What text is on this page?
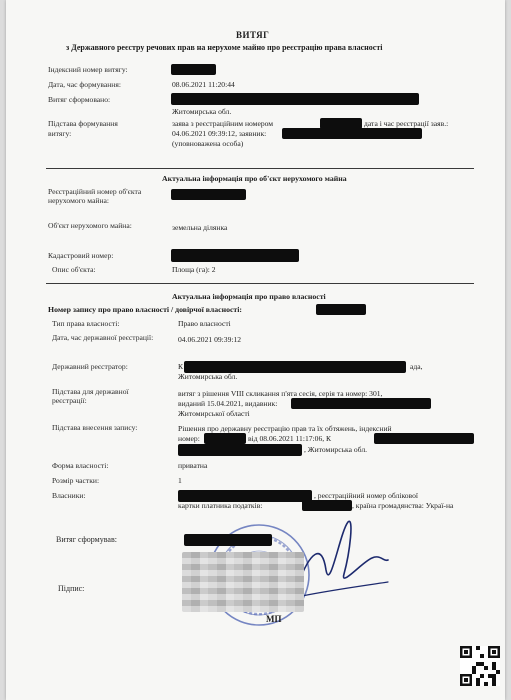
ВИТЯГ
з Державного реєстру речових прав на нерухоме майно про реєстрацію права власності
Індексний номер витягу:
Дата, час формування:	08.06.2021 11:20:44
Витяг сформовано:
Житомирська обл.
Підстава формування
витягу:
заява з реєстраційним номером	дата і час реєстрації заяв.:
04.06.2021 09:39:12, заявник:
(уповноважена особа)
Актуальна інформація про об'єкт нерухомого майна
Реєстраційний номер об'єкта нерухомого майна:
Об'єкт нерухомого майна:	земельна ділянка
Кадастровий номер:
Опис об'єкта:	Площа (га): 2
Актуальна інформація про право власності
Номер запису про право власності / довірчої власності:
Тип права власності:	Право власності
Дата, час державної реєстрації:	04.06.2021 09:39:12
Державний реєстратор:	К	ада,
Житомирська обл.
Підстава для державної реєстрації:
витяг з рішення VIII скликання п'ята сесія, серія та номер: 301,
виданий 15.04.2021, видавник:
Житомирської області
Підстава внесення запису:	Рішення про державну реєстрацію прав та їх обтяжень, індексний
номер:	від 08.06.2021 11:17:06, К
, Житомирська обл.
Форма власності:	приватна
Розмір частки:	1
Власники:	, реєстраційний номер облікової
картки платника податків:	, країна громадянства: Украї-на
Витяг сформував:
Підпис:
МП
